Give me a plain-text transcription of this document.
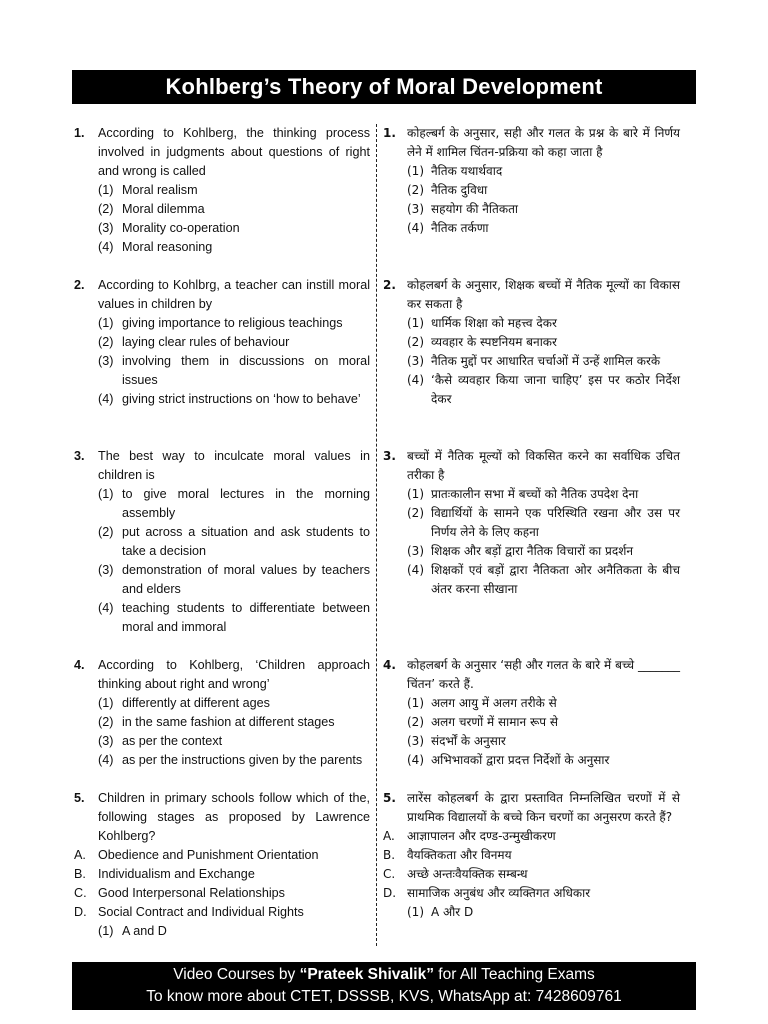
Kohlberg’s Theory of Moral Development
1.	According to Kohlberg, the thinking process involved in judgments about questions of right and wrong is called
(1) Moral realism
(2) Moral dilemma
(3) Morality co-operation
(4) Moral reasoning
2.	According to Kohlbrg, a teacher can instill moral values in children by
(1) giving importance to religious teachings
(2) laying clear rules of behaviour
(3) involving them in discussions on moral issues
(4) giving strict instructions on ‘how to behave’
3.	The best way to inculcate moral values in children is
(1) to give moral lectures in the morning assembly
(2) put across a situation and ask students to take a decision
(3) demonstration of moral values by teachers and elders
(4) teaching students to differentiate between moral and immoral
4.	According to Kohlberg, ‘Children approach thinking about right and wrong’
(1) differently at different ages
(2) in the same fashion at different stages
(3) as per the context
(4) as per the instructions given by the parents
5.	Children in primary schools follow which of the, following stages as proposed by Lawrence Kohlberg?
A. Obedience and Punishment Orientation
B. Individualism and Exchange
C. Good Interpersonal Relationships
D. Social Contract and Individual Rights
(1) A and D
1. कोहल्बर्ग के अनुसार, सही और गलत के प्रश्न के बारे में निर्णय लेने में शामिल चिंतन-प्रक्रिया को कहा जाता है
(1) नैतिक यथार्थवाद
(2) नैतिक दुविधा
(3) सहयोग की नैतिकता
(4) नैतिक तर्कणा
2. कोहलबर्ग के अनुसार, शिक्षक बच्चों में नैतिक मूल्यों का विकास कर सकता है
(1) धार्मिक शिक्षा को महत्त्व देकर
(2) व्यवहार के स्पष्टनियम बनाकर
(3) नैतिक मुद्दों पर आधारित चर्चाओं में उन्हें शामिल करके
(4) ‘कैसे व्यवहार किया जाना चाहिए’ इस पर कठोर निर्देश देकर
3. बच्चों में नैतिक मूल्यों को विकसित करने का सर्वाधिक उचित तरीका है
(1) प्रातःकालीन सभा में बच्चों को नैतिक उपदेश देना
(2) विद्यार्थियों के सामने एक परिस्थिति रखना और उस पर निर्णय लेने के लिए कहना
(3) शिक्षक और बड़ों द्वारा नैतिक विचारों का प्रदर्शन
(4) शिक्षकों एवं बड़ों द्वारा नैतिकता ओर अनैतिकता के बीच अंतर करना सीखाना
4. कोहलबर्ग के अनुसार ‘सही और गलत के बारे में बच्चे _______ चिंतन’ करते हैं.
(1) अलग आयु में अलग तरीके से
(2) अलग चरणों में सामान रूप से
(3) संदर्भों के अनुसार
(4) अभिभावकों द्वारा प्रदत्त निर्देशों के अनुसार
5. लारेंस कोहलबर्ग के द्वारा प्रस्तावित निम्नलिखित चरणों में से प्राथमिक विद्यालयों के बच्चे किन चरणों का अनुसरण करते हैं?
A.	आज्ञापालन और दण्ड-उन्मुखीकरण
B. वैयक्तिकता और विनमय
C. अच्छे अन्तःवैयक्तिक सम्बन्ध
D. सामाजिक अनुबंध और व्यक्तिगत अधिकार
(1) A और D
Video Courses by “Prateek Shivalik” for All Teaching Exams
To know more about CTET, DSSSB, KVS, WhatsApp at: 7428609761
